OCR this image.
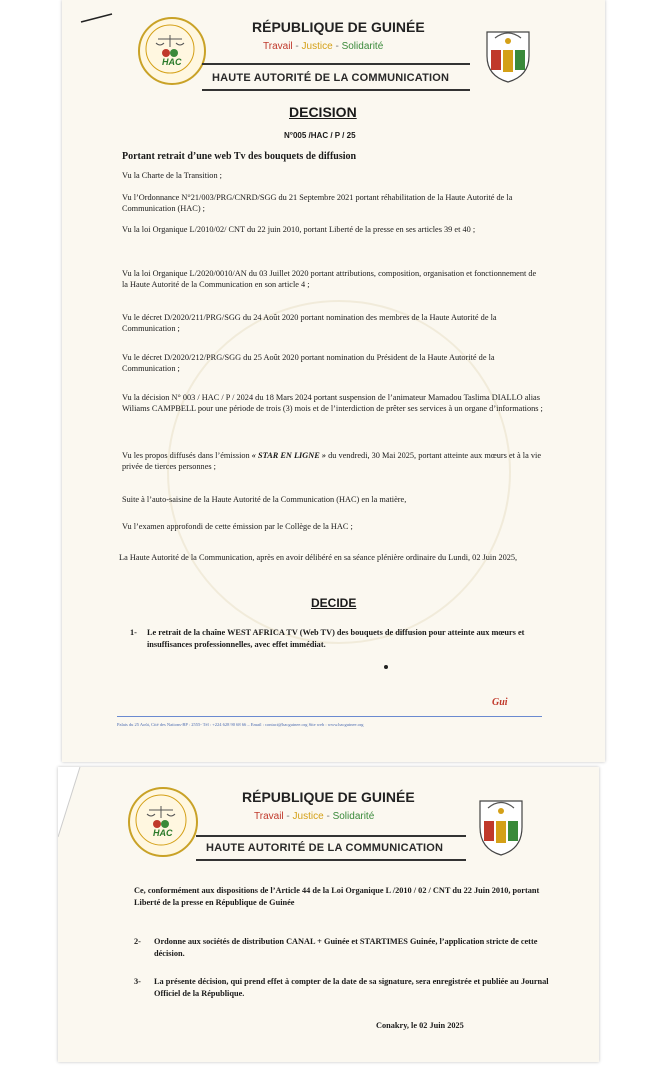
HAC
RÉPUBLIQUE DE GUINÉE
Travail - Justice - Solidarité
HAUTE AUTORITÉ DE LA COMMUNICATION
DECISION
N°005 /HAC / P / 25
Portant retrait d’une web Tv des bouquets de diffusion
Vu la Charte de la Transition ;
Vu l’Ordonnance N°21/003/PRG/CNRD/SGG du 21 Septembre 2021 portant réhabilitation de la Haute Autorité de la Communication (HAC) ;
Vu la loi Organique L/2010/02/ CNT du 22 juin 2010, portant Liberté de la presse en ses articles 39 et 40 ;
Vu la loi Organique L/2020/0010/AN du 03 Juillet 2020 portant attributions, composition, organisation et fonctionnement de la Haute Autorité de la Communication en son article 4 ;
Vu le décret D/2020/211/PRG/SGG du 24 Août 2020 portant nomination des membres de la Haute Autorité de la Communication ;
Vu le décret D/2020/212/PRG/SGG du 25 Août 2020 portant nomination du Président de la Haute Autorité de la Communication ;
Vu la décision N° 003 / HAC / P / 2024 du 18 Mars 2024 portant suspension de l’animateur Mamadou Taslima DIALLO alias Wiliams CAMPBELL pour une période de trois (3) mois et de l’interdiction de prêter ses services à un organe d’informations ;
Vu les propos diffusés dans l’émission « STAR EN LIGNE » du vendredi, 30 Mai 2025, portant atteinte aux mœurs et à la vie privée de tierces personnes ;
Suite à l’auto-saisine de la Haute Autorité de la Communication (HAC) en la matière,
Vu l’examen approfondi de cette émission par le Collège de la HAC ;
La Haute Autorité de la Communication, après en avoir délibéré en sa séance plénière ordinaire du Lundi, 02 Juin 2025,
DECIDE
1-	Le retrait de la chaîne WEST AFRICA TV (Web TV) des bouquets de diffusion pour atteinte aux mœurs et insuffisances professionnelles, avec effet immédiat.
Gui
Palais du 25 Août, Cité des Nations-BP : 2555- Tél : +224 628 90 68 66 – Email : contact@hacguinee.org Site web : www.hacguinee.org
HAC
RÉPUBLIQUE DE GUINÉE
Travail - Justice - Solidarité
HAUTE AUTORITÉ DE LA COMMUNICATION
Ce, conformément aux dispositions de l’Article 44 de la Loi Organique L /2010 / 02 / CNT du 22 Juin 2010, portant Liberté de la presse en République de Guinée
2-	Ordonne aux sociétés de distribution CANAL + Guinée et STARTIMES Guinée, l’application stricte de cette décision.
3-	La présente décision, qui prend effet à compter de la date de sa signature, sera enregistrée et publiée au Journal Officiel de la République.
Conakry, le 02 Juin 2025
